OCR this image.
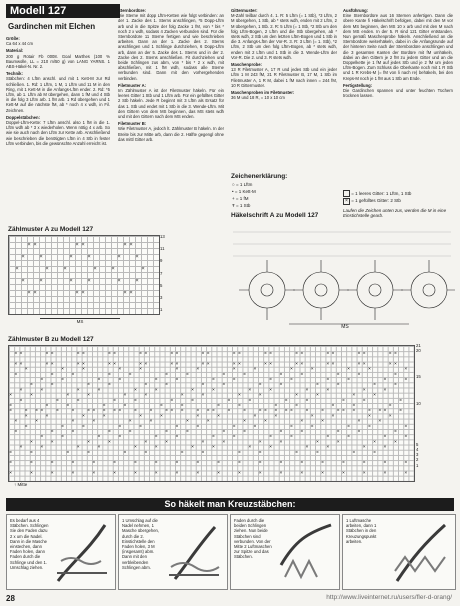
Modell 127
Gardinchen mit Elchen
Größe:
Ca 64 x 44 cm
Material:
200 g Rotair Fb 0008. Goal Marthes (100 % Baumwolle, LL = 210 m/50 g) von LANG YARNS. 1 ABS-Häkel-N. Nr. 2.
Technik:
Stäbchen: 4 Lftm anschl. und mit 1 Kett-M zur Rd schließen. 1. Rd: 1 Lftm, 1 M, 1 Lftm und 11 M in den Ring, mit 1 Kett-M in die Anfangs-Lftm ender. 2. Rd: *5 Lftm, ab 1. Lftm ab M übergehen, dann 1 fM und 4 Stb in die folg 3 Lftm arb. 1 fM arb. 1 Rd übergehen und 1 Kett-M auf die nächste fM, ab * noch 4 x wdh, in Fil. Zeichnen.
Doppelstäbchen:
Doppel-Lftm-Kette: 7 Lftm anschl. also 1 fM in die 1. Lftm wdh ab * 3 x wiederholen. Wenn nötig 4 x arb. So wie sie auch nach den Lftm zur Kette arb. Anschließend wie beschrieben die benötigten Lftm in 4 Stb in fester Lftm verbinden, bis die gewünschte Anzahl erreicht ist.
Sternbordüre:
Die Sterne mit dopp Lftm-Ketten wie folgt verbinden: an der 1. Zacke des 1. Sterns anschlingen, *5 Dopp-Lftm arb und in die Spitze der folg Zacke 1 fM, von * bis * noch 2 x wdh, sodass 4 Zacken verbunden sind. Für die Sternbordüre 11 Sterne fertigen und wie beschrieben arbeiten. Dann an der 1. Zacke des 2. Sterns anschlingen und 1 Schlinge durchziehen, 6 Dopp-Lftm arb, dann an der 5. Zacke des 1. Sterns und in der 2. Zacke des 2. Sterns anschließen. Fit durchziehen und beide Schlingen zus abm, von * bis * 2 x wdh, mit abschließen, mit 1 fM wdh, sodass alle Sterne verbunden sind. Dann mit den vorhergehenden verbinden.
Filetmuster A:
Im Zählmuster A ist der Filetmuster häkeln. Für ein leeres Gitter 1 Stb und 1 Lftm arb. Für ein gefülltes Gitter 2 Stb häkeln. Jede R beginnt mit 3 Lftm als Ersatz für das 1. Stb und endet mit 1 Stb in die 3. Wende-Lftm. Mit den Gittern von dem MS beginnen, das MS stets wdh und mit den Gittern nach dem MS enden.
Filetmuster B:
Wie Filetmuster A, jedoch lt. Zählmuster B häkeln. In der Breite bis zur Mitte arb, dann die 2. Hälfte gegengl ohne das mittl Gitter arb.
Gittermuster:
M-Zahl teilbar durch 4. 1. R: 5 Lftm (= 1 Stb), *3 Lftm, 2 M übergehen, 1 Stb, ab * stets wdh, enden mit 2 Lftm, 2 M übergehen, 1 Stb. 2. R: 5 Lftm (= 1 Stb, *2 Stb um den folg Lftm-Bogen, 2 Lftm und die Stb übergehen, ab * stets wdh, 2 Stb um den letzten Lftm-Bogen und 1 Stb in die 3. Anfangs-Lftm der Vor-R. 3. R: 3 Lftm (= 1. Stb), *2 Lftm, 2 Stb um den folg Lftm-Bogen, ab * stets wdh, enden mit 2 Lftm und 1 Stb in die 3. Wende-Lftm der Vor-R. Die 2. und 3. R stets wdh.
Maschenprobe:
13 R Filetmuster A, 17 R und jedes Stb und ein jeder Lftm 1 M 243 fM, 21 R Filetmuster B, 17 M, 1 Stb im Filetmuster A, 1 R M, dabei 1 fM nach innen = 244 fM, 10 R Gittermuster.
Maschenproben im Filetmuster:
36 M und 18 R, = 10 x 10 cm
Ausführung:
Eine Sternbordüre aus 16 Sternen anfertigen. Dann die obere Kante fi Häkelschrift befolgen, dabei mit den M vor dem MS beginnen, den MS 10 x arb und mit den M nach dem MS enden. In der 5. R sind 121 Gitter entstanden. Nun gemäß Maschenprobe häkeln. Anschließend an die Sternbordüre weiterhäkeln, dabei in die Anfangsrunde auf der hinteren Seite nach der Sternbordüre anschlingen und die 3 gesamten Kanten der Bordüre mit fM umhäkeln, dabei an den Gittern je 2 fM zu jedem Gitter und an die Doppelkette je 1 fM auf jedes Stb und je 2 fM um jeden Lftm-Bogen. Zum Schluss die Oberkante noch mit 1 R Stb und 1 R Krebs-M (= fM von li nach re) behäkeln, bei den Kreps-M noch je 1 fM aus 1 Stb am Ende.
Fertigstellung:
Die Gardinchen spannen und unter feuchten Tüchern trocknen lassen.
Zeichenerklärung:
○ = 1 Lftm
• = 1 Kett-M
+ = 1 fM
Ŧ = 1 Stb
= 1 leeres Gitter: 1 Lftm, 1 Stb
× = 1 gefülltes Gitter: 2 Stb
Laufen die Zeichen unten zus, werden die M in eine Einstichstelle gearb.
Häkelschrift A zu Modell 127
MS
Zählmuster A zu Modell 127
× ×	× ×	× ×
×	×	×	×	×	×
×	×	×	×	×	×
×	×	×	×	×	×
× ×	× ×	× ×
13

11

9

7

5

3

1
MS
Zählmuster B zu Modell 127
× ×	× ×	× ×	× ×	× ×	× ×	× ×	× ×	× ×	× ×	× ×	× ×	× ×
× ×	× ×	× ×	× ×	× ×	× ×	× ×	× ×	× ×	× ×	× ×	× ×	× ×
×	×	×	×	×	×	×	×	×	×	×	×	×	×
×	×	×	×	×	×	×	×	×	×	×	×	×	×
×	×	×	×	×	×	×	×	×	×	×	×	×	×
×	×	×	×	×	×	×	×	×	×	×	×	×	×
×	×	×	×	×	×	×	×	×	×	×	×	×	×
×	×	×	×	×	×	×	×	×	×	×	×	×	×
×	×	×	×	×	×	×	×	×	×	×	×	×	×
×	×	×	×	×	×	×	×	×	×	×	×	×	×
×	× × ×	×	×	× × × × ×	×	×	× × ×	× × ×	×	×	× × × × ×	×	×	× × ×	× × ×	×
×	×	×	×	×	×	×	×	×	×	×	×	×	×
×	×	×	×	×	×	×	×	×	×	×	×	×	×
×	×	×	×	×	×	×	×	×	×	×	×	×	×
×	×	×	×	×	×	×	×	×	×	×	×	×	×
×	×	×	×	×	×	×	×	×	×	×	×	×	×
×	×	×	×	×	×	×	×	×	×	×	×	×	×
×	×	×	×	×	×	×	×	×	×	×	×	×	×
×	×	×	×	×	×	×	×	×	×	×	×	×	×
×	×	×	×	×	×	×	×	×	×	×	×	×	×	×	×	×	×	×	×
×	×	×	×	×	×	×	×	×	×	×	×	×	×	×	×	×	×	×	×
21
20
15
10
5
4
3
2
1
↑ Mitte
So häkelt man Kreuzstäbchen:
Es bedarf aus 4 Stäbchen. Schlingen Sie den Faden dazu 2 x um die Nadel. Dann in die Masche einstechen, dann Faden holen, dann Faden durch die Schlinge und den 1. Umschlag ziehen.
1 Umschlag auf die Nadel nehmen, 1 Masche übergehen, durch die 2. Einstichstelle den Faden holen, 3 M (insgesamt) abm. Dann mit den verbleibenden Schlingen abm.
Faden durch die beiden Schlingen ziehen. Nun beide Stäbchen sind verbunden. Von der Mitte 2 Luftmaschen zur Spitze und das Stäbchen.
1 Luftmasche arbeiten, dann 1 Stäbchen in den Kreuzungspunkt arbeiten.
28	http://www.liveinternet.ru/users/fler-d-orang/
